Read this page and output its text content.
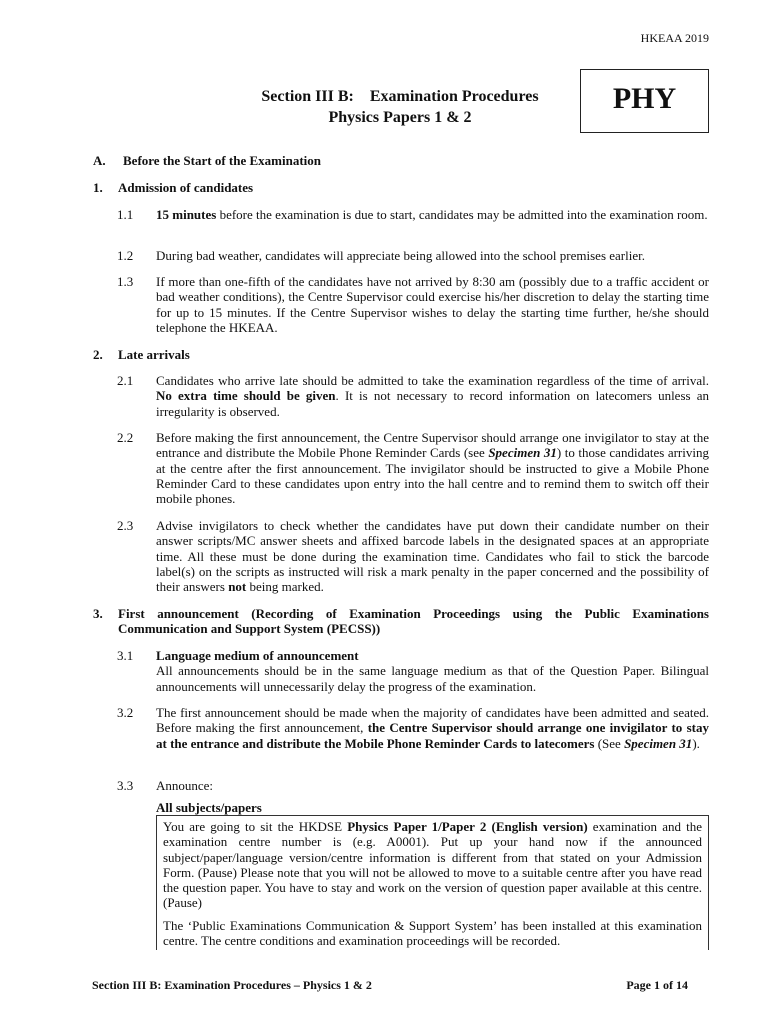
HKEAA 2019
Section III B:    Examination Procedures
Physics Papers 1 & 2
PHY
A. Before the Start of the Examination
1. Admission of candidates
1.1 15 minutes before the examination is due to start, candidates may be admitted into the examination room.
1.2 During bad weather, candidates will appreciate being allowed into the school premises earlier.
1.3 If more than one-fifth of the candidates have not arrived by 8:30 am (possibly due to a traffic accident or bad weather conditions), the Centre Supervisor could exercise his/her discretion to delay the starting time for up to 15 minutes. If the Centre Supervisor wishes to delay the starting time further, he/she should telephone the HKEAA.
2. Late arrivals
2.1 Candidates who arrive late should be admitted to take the examination regardless of the time of arrival. No extra time should be given. It is not necessary to record information on latecomers unless an irregularity is observed.
2.2 Before making the first announcement, the Centre Supervisor should arrange one invigilator to stay at the entrance and distribute the Mobile Phone Reminder Cards (see Specimen 31) to those candidates arriving at the centre after the first announcement. The invigilator should be instructed to give a Mobile Phone Reminder Card to these candidates upon entry into the hall centre and to remind them to switch off their mobile phones.
2.3 Advise invigilators to check whether the candidates have put down their candidate number on their answer scripts/MC answer sheets and affixed barcode labels in the designated spaces at an appropriate time. All these must be done during the examination time. Candidates who fail to stick the barcode label(s) on the scripts as instructed will risk a mark penalty in the paper concerned and the possibility of their answers not being marked.
3. First announcement (Recording of Examination Proceedings using the Public Examinations Communication and Support System (PECSS))
3.1 Language medium of announcement
All announcements should be in the same language medium as that of the Question Paper. Bilingual announcements will unnecessarily delay the progress of the examination.
3.2 The first announcement should be made when the majority of candidates have been admitted and seated. Before making the first announcement, the Centre Supervisor should arrange one invigilator to stay at the entrance and distribute the Mobile Phone Reminder Cards to latecomers (See Specimen 31).
3.3 Announce:
All subjects/papers
You are going to sit the HKDSE Physics Paper 1/Paper 2 (English version) examination and the examination centre number is (e.g. A0001). Put up your hand now if the announced subject/paper/language version/centre information is different from that stated on your Admission Form. (Pause) Please note that you will not be allowed to move to a suitable centre after you have read the question paper. You have to stay and work on the version of question paper available at this centre. (Pause)
The ‘Public Examinations Communication & Support System’ has been installed at this examination centre. The centre conditions and examination proceedings will be recorded.
Section III B: Examination Procedures – Physics 1 & 2	Page 1 of 14
